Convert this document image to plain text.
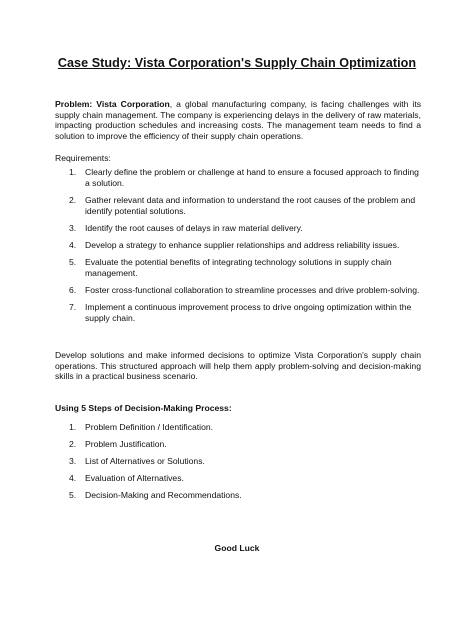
Case Study: Vista Corporation's Supply Chain Optimization
Problem: Vista Corporation, a global manufacturing company, is facing challenges with its supply chain management. The company is experiencing delays in the delivery of raw materials, impacting production schedules and increasing costs. The management team needs to find a solution to improve the efficiency of their supply chain operations.
Requirements:
1. Clearly define the problem or challenge at hand to ensure a focused approach to finding a solution.
2. Gather relevant data and information to understand the root causes of the problem and identify potential solutions.
3. Identify the root causes of delays in raw material delivery.
4. Develop a strategy to enhance supplier relationships and address reliability issues.
5. Evaluate the potential benefits of integrating technology solutions in supply chain management.
6. Foster cross-functional collaboration to streamline processes and drive problem-solving.
7. Implement a continuous improvement process to drive ongoing optimization within the supply chain.
Develop solutions and make informed decisions to optimize Vista Corporation's supply chain operations. This structured approach will help them apply problem-solving and decision-making skills in a practical business scenario.
Using 5 Steps of Decision-Making Process:
1. Problem Definition / Identification.
2. Problem Justification.
3. List of Alternatives or Solutions.
4. Evaluation of Alternatives.
5. Decision-Making and Recommendations.
Good Luck
